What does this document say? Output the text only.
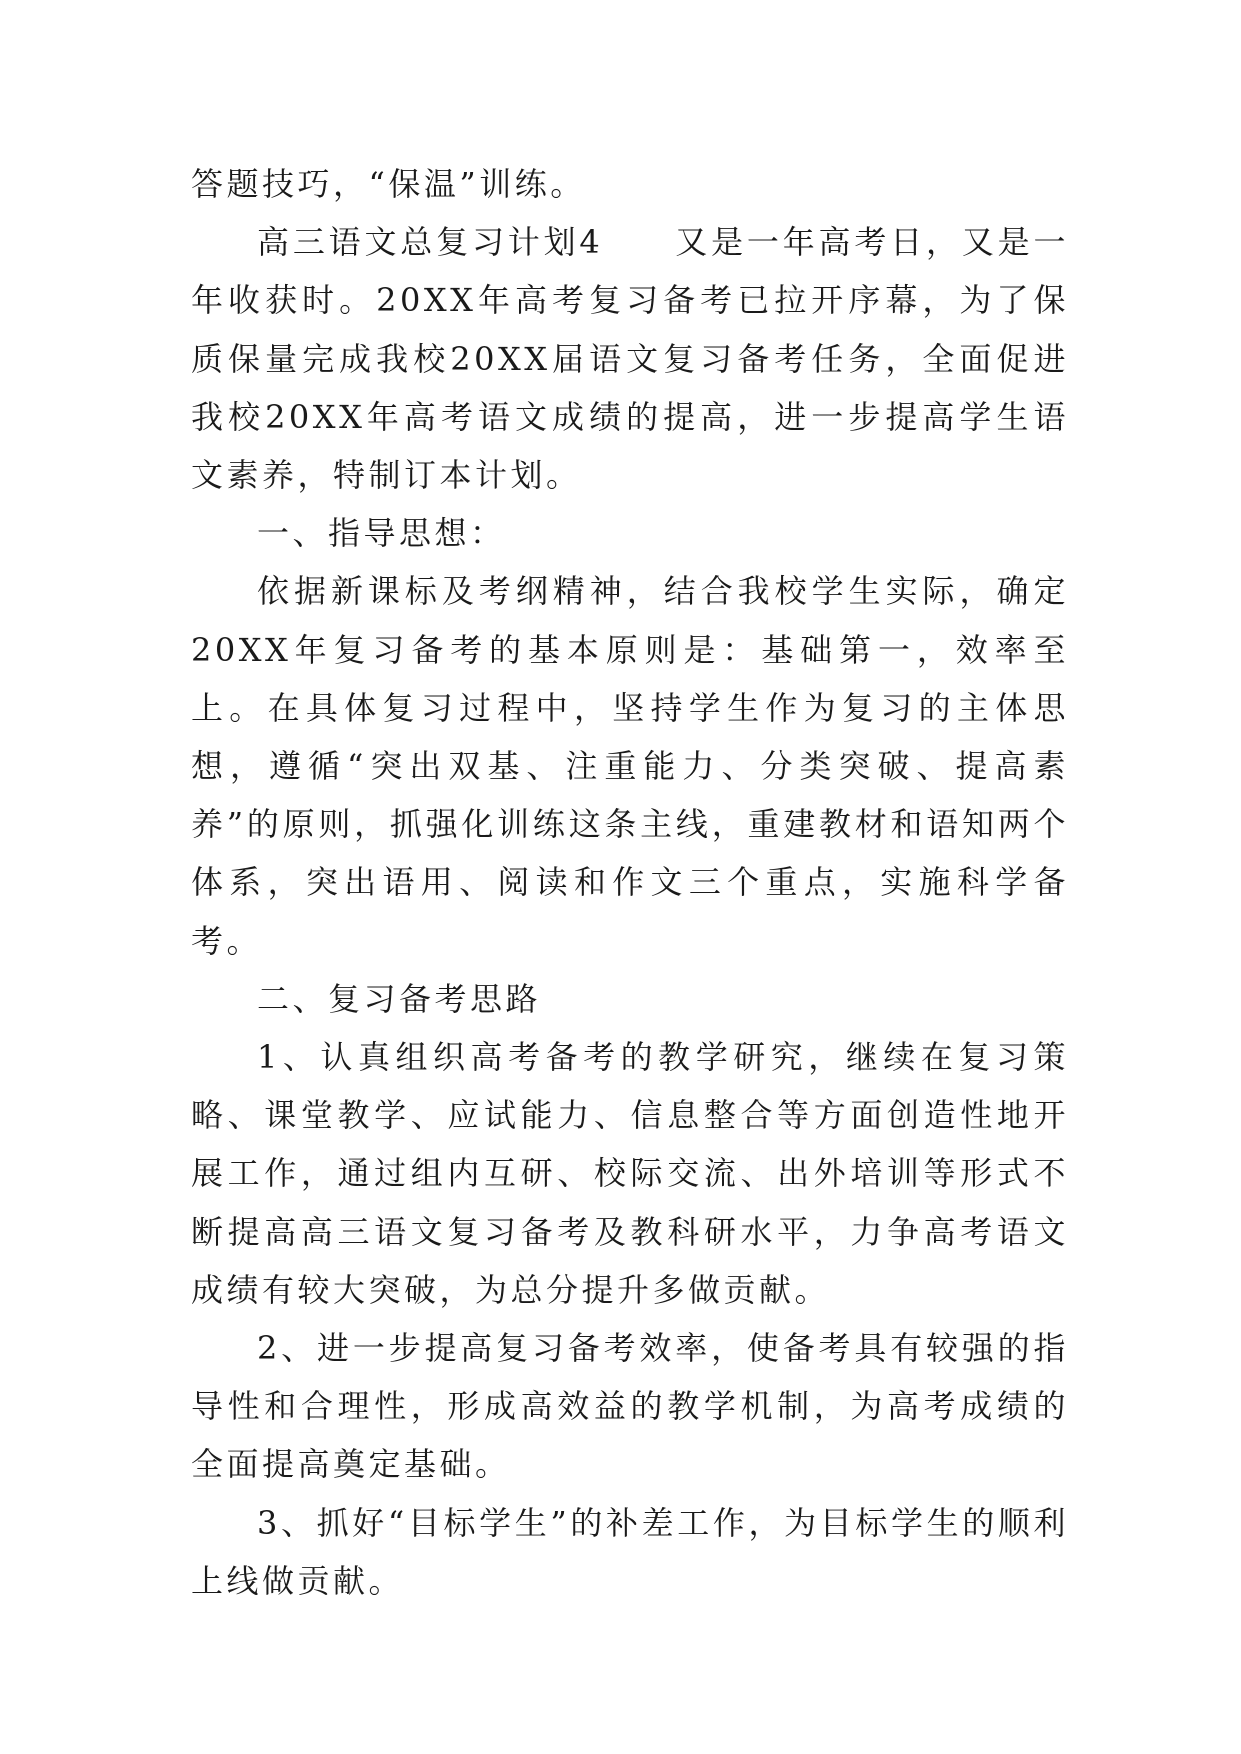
答题技巧，“保温”训练。

高三语文总复习计划4　　又是一年高考日，又是一年收获时。20XX年高考复习备考已拉开序幕，为了保质保量完成我校20XX届语文复习备考任务，全面促进我校20XX年高考语文成绩的提高，进一步提高学生语文素养，特制订本计划。

一、指导思想：

依据新课标及考纲精神，结合我校学生实际，确定20XX年复习备考的基本原则是：基础第一，效率至上。在具体复习过程中，坚持学生作为复习的主体思想，遵循“突出双基、注重能力、分类突破、提高素养”的原则，抓强化训练这条主线，重建教材和语知两个体系，突出语用、阅读和作文三个重点，实施科学备考。

二、复习备考思路

1、认真组织高考备考的教学研究，继续在复习策略、课堂教学、应试能力、信息整合等方面创造性地开展工作，通过组内互研、校际交流、出外培训等形式不断提高高三语文复习备考及教科研水平，力争高考语文成绩有较大突破，为总分提升多做贡献。

2、进一步提高复习备考效率，使备考具有较强的指导性和合理性，形成高效益的教学机制，为高考成绩的全面提高奠定基础。

3、抓好“目标学生”的补差工作，为目标学生的顺利上线做贡献。
